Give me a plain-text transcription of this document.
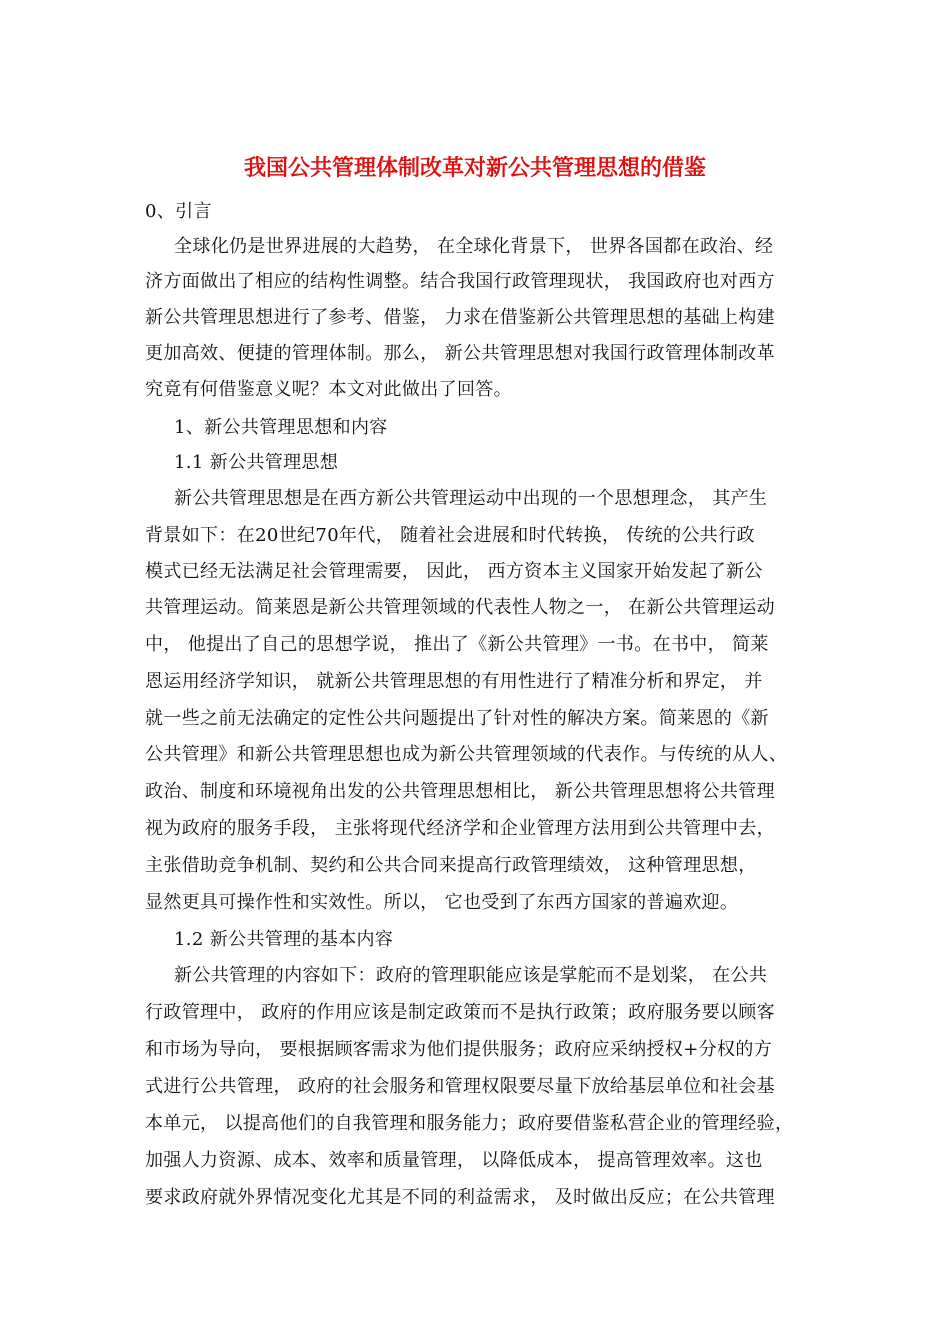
我国公共管理体制改革对新公共管理思想的借鉴
0、引言
全球化仍是世界进展的大趋势， 在全球化背景下， 世界各国都在政治、经
济方面做出了相应的结构性调整。结合我国行政管理现状， 我国政府也对西方
新公共管理思想进行了参考、借鉴， 力求在借鉴新公共管理思想的基础上构建
更加高效、便捷的管理体制。那么， 新公共管理思想对我国行政管理体制改革
究竟有何借鉴意义呢？本文对此做出了回答。
1、新公共管理思想和内容
1.1 新公共管理思想
新公共管理思想是在西方新公共管理运动中出现的一个思想理念， 其产生
背景如下：在20世纪70年代， 随着社会进展和时代转换， 传统的公共行政
模式已经无法满足社会管理需要， 因此， 西方资本主义国家开始发起了新公
共管理运动。简莱恩是新公共管理领域的代表性人物之一， 在新公共管理运动
中， 他提出了自己的思想学说， 推出了《新公共管理》一书。在书中， 简莱
恩运用经济学知识， 就新公共管理思想的有用性进行了精准分析和界定， 并
就一些之前无法确定的定性公共问题提出了针对性的解决方案。简莱恩的《新
公共管理》和新公共管理思想也成为新公共管理领域的代表作。与传统的从人、
政治、制度和环境视角出发的公共管理思想相比， 新公共管理思想将公共管理
视为政府的服务手段， 主张将现代经济学和企业管理方法用到公共管理中去，
主张借助竞争机制、契约和公共合同来提高行政管理绩效， 这种管理思想，
显然更具可操作性和实效性。所以， 它也受到了东西方国家的普遍欢迎。
1.2 新公共管理的基本内容
新公共管理的内容如下：政府的管理职能应该是掌舵而不是划桨， 在公共
行政管理中， 政府的作用应该是制定政策而不是执行政策；政府服务要以顾客
和市场为导向， 要根据顾客需求为他们提供服务；政府应采纳授权+分权的方
式进行公共管理， 政府的社会服务和管理权限要尽量下放给基层单位和社会基
本单元， 以提高他们的自我管理和服务能力；政府要借鉴私营企业的管理经验，
加强人力资源、成本、效率和质量管理， 以降低成本， 提高管理效率。这也
要求政府就外界情况变化尤其是不同的利益需求， 及时做出反应；在公共管理
